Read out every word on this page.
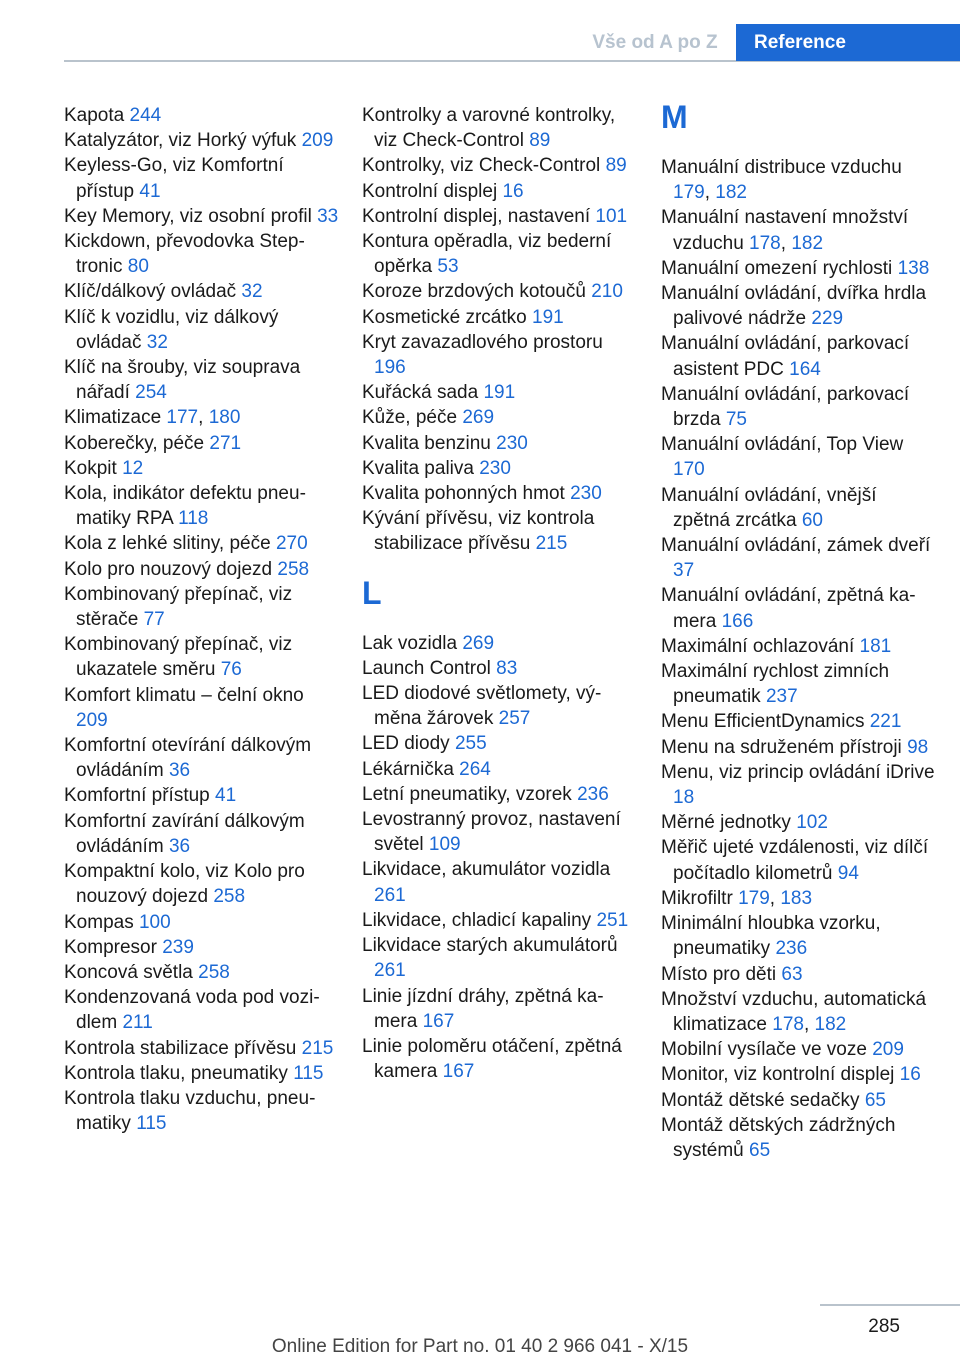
Vše od A po Z	Reference
Kapota 244
Katalyzátor, viz Horký výfuk 209
Keyless-Go, viz Komfortní přístup 41
Key Memory, viz osobní profil 33
Kickdown, převodovka Steptronic 80
Klíč/dálkový ovládač 32
Klíč k vozidlu, viz dálkový ovládač 32
Klíč na šrouby, viz souprava nářadí 254
Klimatizace 177, 180
Koberečky, péče 271
Kokpit 12
Kola, indikátor defektu pneumatiky RPA 118
Kola z lehké slitiny, péče 270
Kolo pro nouzový dojezd 258
Kombinovaný přepínač, viz stěrače 77
Kombinovaný přepínač, viz ukazatele směru 76
Komfort klimatu – čelní okno 209
Komfortní otevírání dálkovým ovládáním 36
Komfortní přístup 41
Komfortní zavírání dálkovým ovládáním 36
Kompaktní kolo, viz Kolo pro nouzový dojezd 258
Kompas 100
Kompresor 239
Koncová světla 258
Kondenzovaná voda pod vozidlem 211
Kontrola stabilizace přívěsu 215
Kontrola tlaku, pneumatiky 115
Kontrola tlaku vzduchu, pneumatiky 115
Kontrolky a varovné kontrolky, viz Check-Control 89
Kontrolky, viz Check-Control 89
Kontrolní displej 16
Kontrolní displej, nastavení 101
Kontura opěradla, viz bederní opěrka 53
Koroze brzdových kotoučů 210
Kosmetické zrcátko 191
Kryt zavazadlového prostoru 196
Kuřácká sada 191
Kůže, péče 269
Kvalita benzinu 230
Kvalita paliva 230
Kvalita pohonných hmot 230
Kývání přívěsu, viz kontrola stabilizace přívěsu 215
L
Lak vozidla 269
Launch Control 83
LED diodové světlomety, výměna žárovek 257
LED diody 255
Lékárnička 264
Letní pneumatiky, vzorek 236
Levostranný provoz, nastavení světel 109
Likvidace, akumulátor vozidla 261
Likvidace, chladicí kapaliny 251
Likvidace starých akumulátorů 261
Linie jízdní dráhy, zpětná kamera 167
Linie poloměru otáčení, zpětná kamera 167
M
Manuální distribuce vzduchu 179, 182
Manuální nastavení množství vzduchu 178, 182
Manuální omezení rychlosti 138
Manuální ovládání, dvířka hrdla palivové nádrže 229
Manuální ovládání, parkovací asistent PDC 164
Manuální ovládání, parkovací brzda 75
Manuální ovládání, Top View 170
Manuální ovládání, vnější zpětná zrcátka 60
Manuální ovládání, zámek dveří 37
Manuální ovládání, zpětná kamera 166
Maximální ochlazování 181
Maximální rychlost zimních pneumatik 237
Menu EfficientDynamics 221
Menu na sdruženém přístroji 98
Menu, viz princip ovládání iDrive 18
Měrné jednotky 102
Měřič ujeté vzdálenosti, viz dílčí počítadlo kilometrů 94
Mikrofiltr 179, 183
Minimální hloubka vzorku, pneumatiky 236
Místo pro děti 63
Množství vzduchu, automatická klimatizace 178, 182
Mobilní vysílače ve voze 209
Monitor, viz kontrolní displej 16
Montáž dětské sedačky 65
Montáž dětských zádržných systémů 65
285
Online Edition for Part no. 01 40 2 966 041 - X/15
